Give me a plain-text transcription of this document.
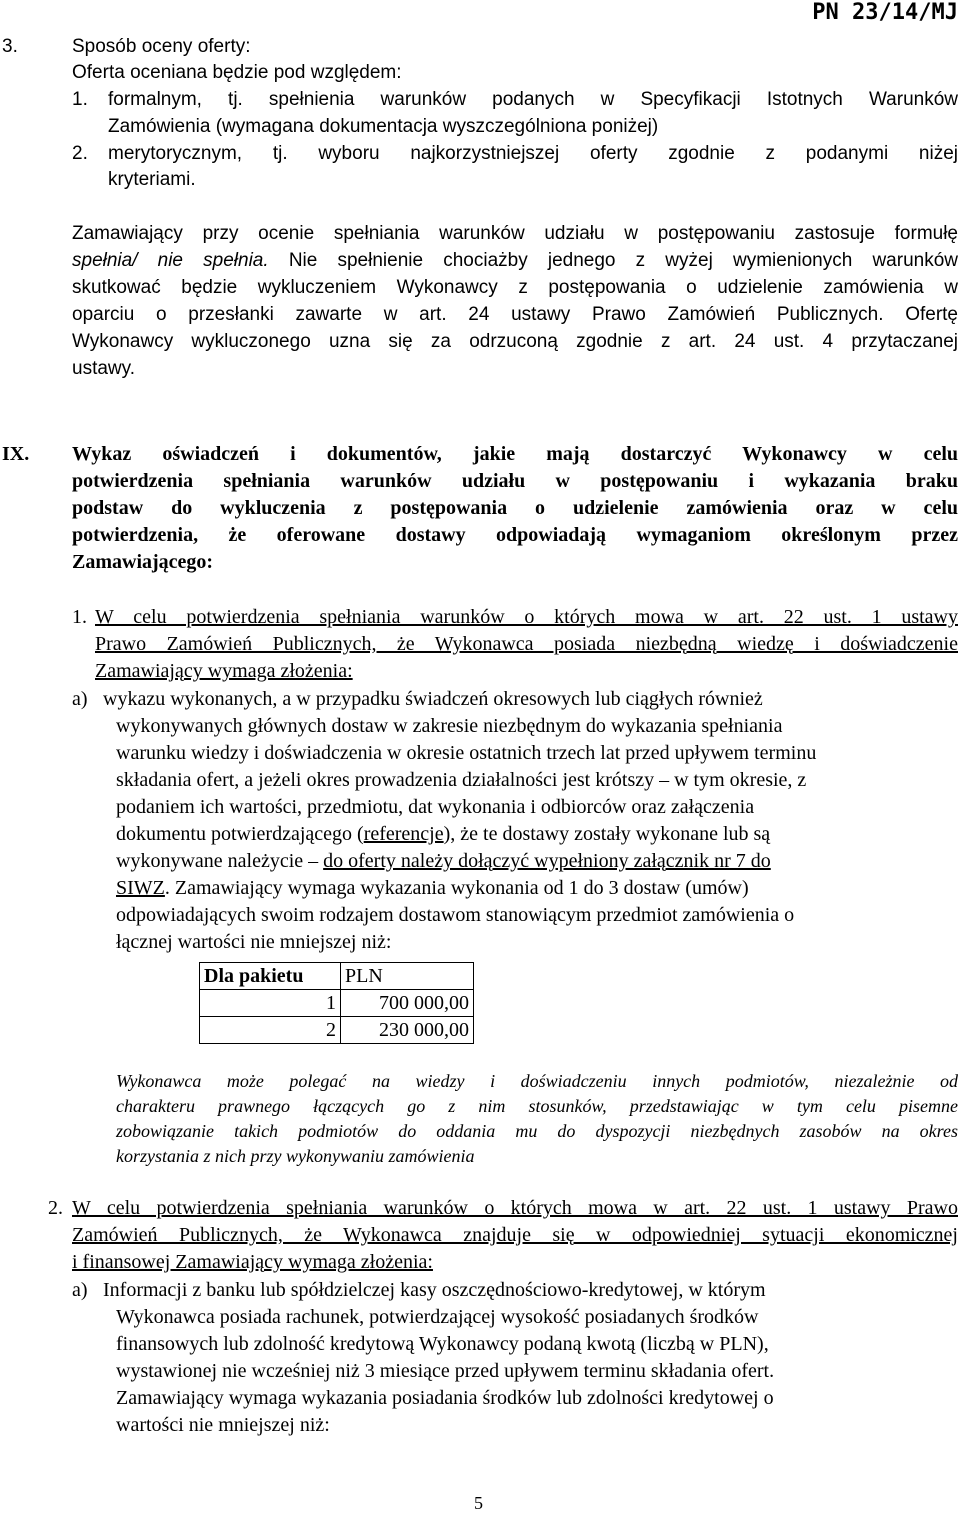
PN 23/14/MJ
3.	Sposób oceny oferty:
Oferta oceniana będzie pod względem:
1. formalnym, tj. spełnienia warunków podanych w Specyfikacji Istotnych Warunków
Zamówienia (wymagana dokumentacja wyszczególniona poniżej)
2. merytorycznym, tj. wyboru najkorzystniejszej oferty zgodnie z podanymi niżej
kryteriami.
Zamawiający przy ocenie spełniania warunków udziału w postępowaniu zastosuje formułę
spełnia/ nie spełnia. Nie spełnienie chociażby jednego z wyżej wymienionych warunków
skutkować będzie wykluczeniem Wykonawcy z postępowania o udzielenie zamówienia w
oparciu o przesłanki zawarte w art. 24 ustawy Prawo Zamówień Publicznych. Ofertę
Wykonawcy wykluczonego uzna się za odrzuconą zgodnie z art. 24 ust. 4 przytaczanej
ustawy.
IX. Wykaz oświadczeń i dokumentów, jakie mają dostarczyć Wykonawcy w celu
potwierdzenia spełniania warunków udziału w postępowaniu i wykazania braku
podstaw do wykluczenia z postępowania o udzielenie zamówienia oraz w celu
potwierdzenia, że oferowane dostawy odpowiadają wymaganiom określonym przez
Zamawiającego:
1. W celu potwierdzenia spełniania warunków o których mowa w art. 22 ust. 1 ustawy
Prawo Zamówień Publicznych, że Wykonawca posiada niezbędną wiedzę i doświadczenie
Zamawiający wymaga złożenia:
a) wykazu wykonanych, a w przypadku świadczeń okresowych lub ciągłych również
wykonywanych głównych dostaw w zakresie niezbędnym do wykazania spełniania
warunku wiedzy i doświadczenia w okresie ostatnich trzech lat przed upływem terminu
składania ofert, a jeżeli okres prowadzenia działalności jest krótszy – w tym okresie, z
podaniem ich wartości, przedmiotu, dat wykonania i odbiorców oraz załączenia
dokumentu potwierdzającego (referencje), że te dostawy zostały wykonane lub są
wykonywane należycie – do oferty należy dołączyć wypełniony załącznik nr 7 do
SIWZ. Zamawiający wymaga wykazania wykonania od 1 do 3 dostaw (umów)
odpowiadających swoim rodzajem dostawom stanowiącym przedmiot zamówienia o
łącznej wartości nie mniejszej niż:
Dla pakietu	PLN
1	700 000,00
2	230 000,00
Wykonawca może polegać na wiedzy i doświadczeniu innych podmiotów, niezależnie od
charakteru prawnego łączących go z nim stosunków, przedstawiając w tym celu pisemne
zobowiązanie takich podmiotów do oddania mu do dyspozycji niezbędnych zasobów na okres
korzystania z nich przy wykonywaniu zamówienia
2. W celu potwierdzenia spełniania warunków o których mowa w art. 22 ust. 1 ustawy Prawo
Zamówień Publicznych, że Wykonawca znajduje się w odpowiedniej sytuacji ekonomicznej
i finansowej Zamawiający wymaga złożenia:
a) Informacji z banku lub spółdzielczej kasy oszczędnościowo-kredytowej, w którym
Wykonawca posiada rachunek, potwierdzającej wysokość posiadanych środków
finansowych lub zdolność kredytową Wykonawcy podaną kwotą (liczbą w PLN),
wystawionej nie wcześniej niż 3 miesiące przed upływem terminu składania ofert.
Zamawiający wymaga wykazania posiadania środków lub zdolności kredytowej o
wartości nie mniejszej niż:
5
